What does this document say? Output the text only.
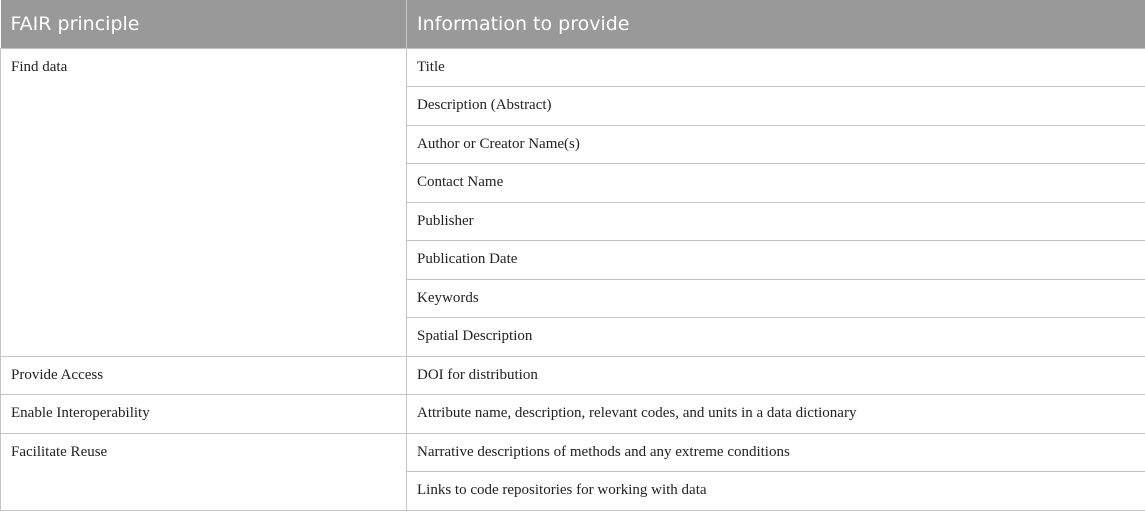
FAIR principle	Information to provide
Find data	Title
	Description (Abstract)
	Author or Creator Name(s)
	Contact Name
	Publisher
	Publication Date
	Keywords
	Spatial Description
Provide Access	DOI for distribution
Enable Interoperability	Attribute name, description, relevant codes, and units in a data dictionary
Facilitate Reuse	Narrative descriptions of methods and any extreme conditions
	Links to code repositories for working with data
